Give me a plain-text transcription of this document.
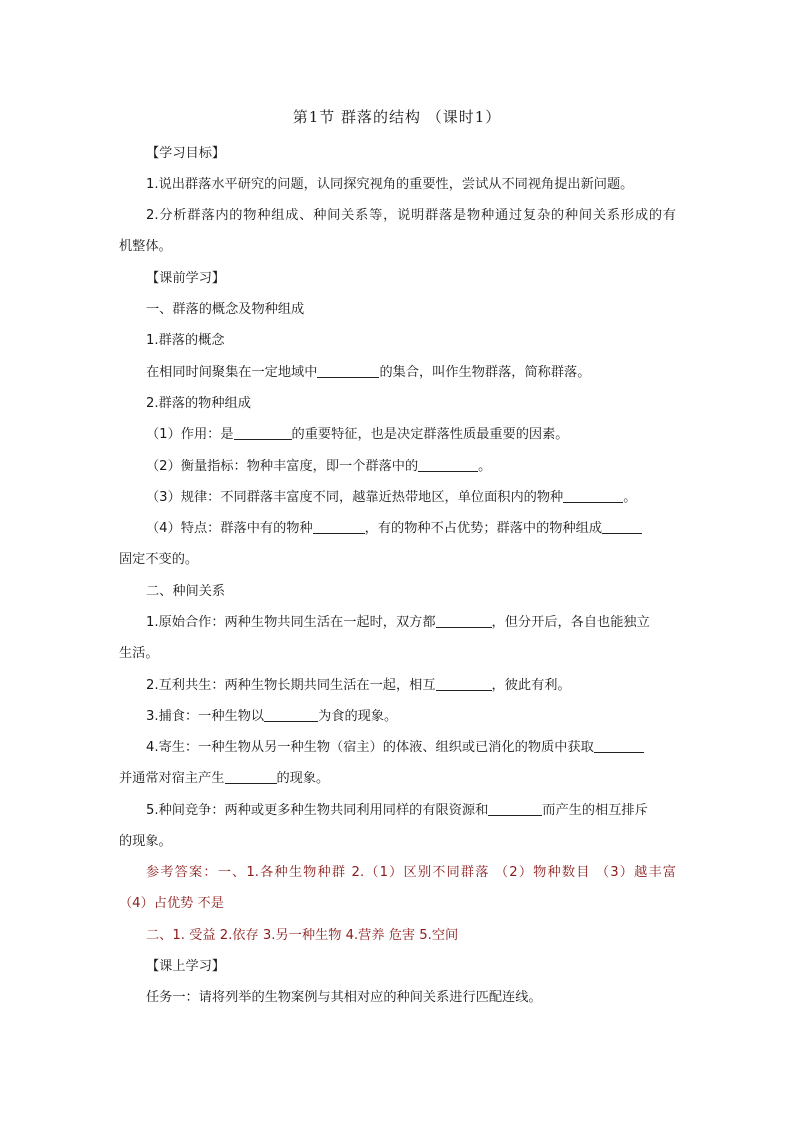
第1节 群落的结构 （课时1）
【学习目标】
1.说出群落水平研究的问题，认同探究视角的重要性，尝试从不同视角提出新问题。
2.分析群落内的物种组成、种间关系等，说明群落是物种通过复杂的种间关系形成的有
机整体。
【课前学习】
一、群落的概念及物种组成
1.群落的概念
在相同时间聚集在一定地域中	的集合，叫作生物群落，简称群落。
2.群落的物种组成
（1）作用：是	的重要特征，也是决定群落性质最重要的因素。
（2）衡量指标：物种丰富度，即一个群落中的	。
（3）规律：不同群落丰富度不同，越靠近热带地区，单位面积内的物种	。
（4）特点：群落中有的物种	，有的物种不占优势；群落中的物种组成
固定不变的。
二、种间关系
1.原始合作：两种生物共同生活在一起时，双方都	，但分开后，各自也能独立
生活。
2.互利共生：两种生物长期共同生活在一起，相互	，彼此有利。
3.捕食：一种生物以	为食的现象。
4.寄生：一种生物从另一种生物（宿主）的体液、组织或已消化的物质中获取
并通常对宿主产生	的现象。
5.种间竞争：两种或更多种生物共同利用同样的有限资源和	而产生的相互排斥
的现象。
参考答案：一、1.各种生物种群 2.（1）区别不同群落 （2）物种数目 （3）越丰富
（4）占优势 不是
二、1. 受益 2.依存 3.另一种生物 4.营养 危害 5.空间
【课上学习】
任务一：请将列举的生物案例与其相对应的种间关系进行匹配连线。
